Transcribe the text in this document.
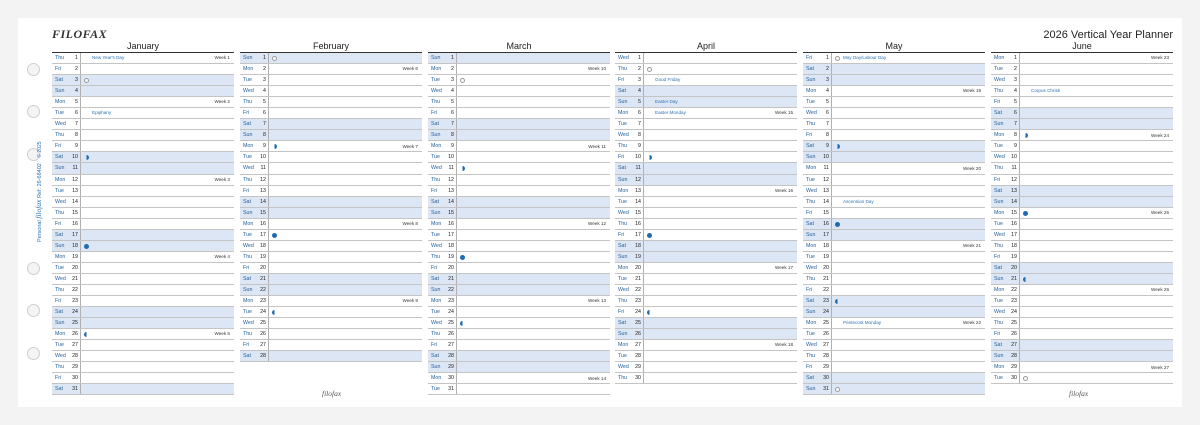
Personal filofax Ref: 26-68402 © 2025
FILOFAX	2026 Vertical Year Planner
January
Thu	1	New Year's Day	Week 1
Fri	2
Sat	3
Sun	4
Mon	5	Week 2
Tue	6	Epiphany
Wed	7
Thu	8
Fri	9
Sat	10
Sun	11
Mon	12	Week 3
Tue	13
Wed	14
Thu	15
Fri	16
Sat	17
Sun	18
Mon	19	Week 4
Tue	20
Wed	21
Thu	22
Fri	23
Sat	24
Sun	25
Mon	26	Week 5
Tue	27
Wed	28
Thu	29
Fri	30
Sat	31
February
Sun	1
Mon	2	Week 6
Tue	3
Wed	4
Thu	5
Fri	6
Sat	7
Sun	8
Mon	9	Week 7
Tue	10
Wed	11
Thu	12
Fri	13
Sat	14
Sun	15
Mon	16	Week 8
Tue	17
Wed	18
Thu	19
Fri	20
Sat	21
Sun	22
Mon	23	Week 9
Tue	24
Wed	25
Thu	26
Fri	27
Sat	28
March
Sun	1
Mon	2	Week 10
Tue	3
Wed	4
Thu	5
Fri	6
Sat	7
Sun	8
Mon	9	Week 11
Tue	10
Wed	11
Thu	12
Fri	13
Sat	14
Sun	15
Mon	16	Week 12
Tue	17
Wed	18
Thu	19
Fri	20
Sat	21
Sun	22
Mon	23	Week 13
Tue	24
Wed	25
Thu	26
Fri	27
Sat	28
Sun	29
Mon	30	Week 14
Tue	31
April
Wed	1
Thu	2
Fri	3	Good Friday
Sat	4
Sun	5	Easter Day
Mon	6	Easter Monday	Week 15
Tue	7
Wed	8
Thu	9
Fri	10
Sat	11
Sun	12
Mon	13	Week 16
Tue	14
Wed	15
Thu	16
Fri	17
Sat	18
Sun	19
Mon	20	Week 17
Tue	21
Wed	22
Thu	23
Fri	24
Sat	25
Sun	26
Mon	27	Week 18
Tue	28
Wed	29
Thu	30
May
Fri	1	May Day/Labour Day
Sat	2
Sun	3
Mon	4	Week 19
Tue	5
Wed	6
Thu	7
Fri	8
Sat	9
Sun	10
Mon	11	Week 20
Tue	12
Wed	13
Thu	14	Ascension Day
Fri	15
Sat	16
Sun	17
Mon	18	Week 21
Tue	19
Wed	20
Thu	21
Fri	22
Sat	23
Sun	24
Mon	25	Pentecost Monday	Week 22
Tue	26
Wed	27
Thu	28
Fri	29
Sat	30
Sun	31
June
Mon	1	Week 23
Tue	2
Wed	3
Thu	4	Corpus Christi
Fri	5
Sat	6
Sun	7
Mon	8	Week 24
Tue	9
Wed	10
Thu	11
Fri	12
Sat	13
Sun	14
Mon	15	Week 25
Tue	16
Wed	17
Thu	18
Fri	19
Sat	20
Sun	21
Mon	22	Week 26
Tue	23
Wed	24
Thu	25
Fri	26
Sat	27
Sun	28
Mon	29	Week 27
Tue	30
filofax	filofax
